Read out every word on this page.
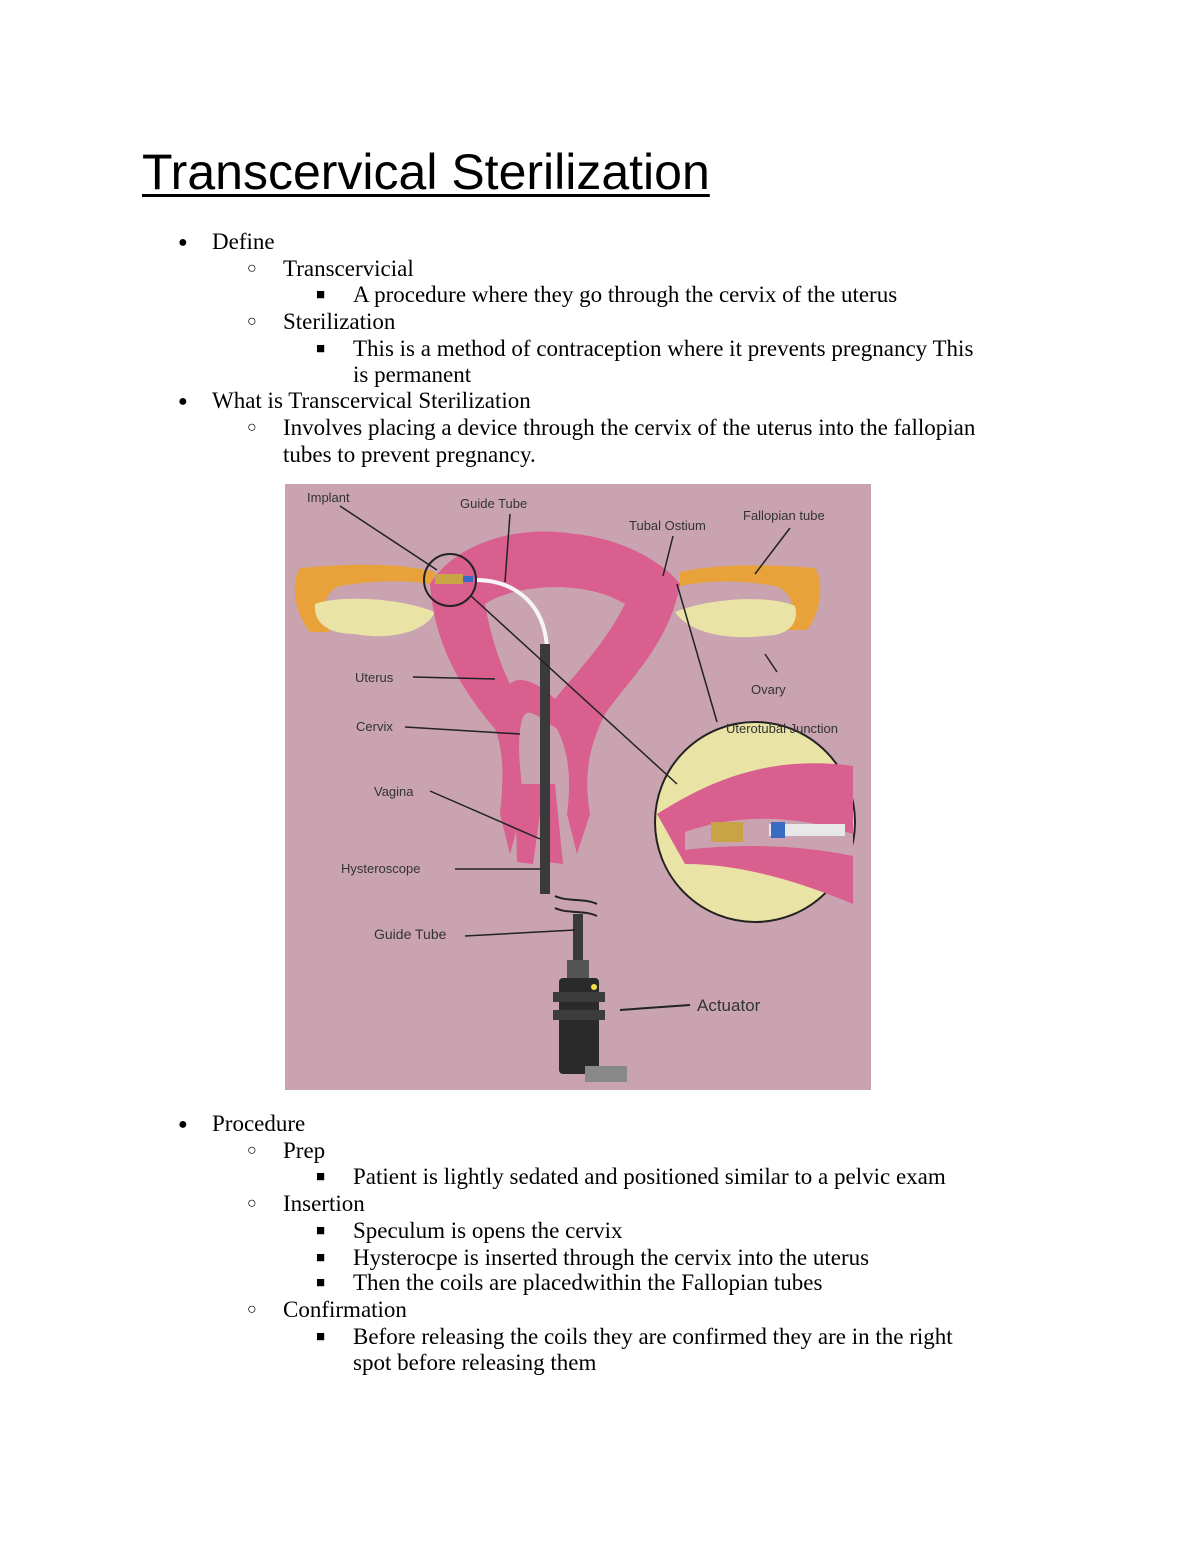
Transcervical Sterilization
● Define
○ Transcervicial
■ A procedure where they go through the cervix of the uterus
○ Sterilization
■ This is a method of contraception where it prevents pregnancy This
is permanent
● What is Transcervical Sterilization
○ Involves placing a device through the cervix of the uterus into the fallopian
tubes to prevent pregnancy.
Implant	Guide Tube
Tubal Ostium
Fallopian tube
Uterus
Ovary
Cervix	Uterotubal Junction
Vagina
Hysteroscope
Guide Tube
Actuator
● Procedure
○ Prep
■ Patient is lightly sedated and positioned similar to a pelvic exam
○ Insertion
■ Speculum is opens the cervix
■ Hysterocpe is inserted through the cervix into the uterus
■ Then the coils are placedwithin the Fallopian tubes
○ Confirmation
■ Before releasing the coils they are confirmed they are in the right
spot before releasing them
